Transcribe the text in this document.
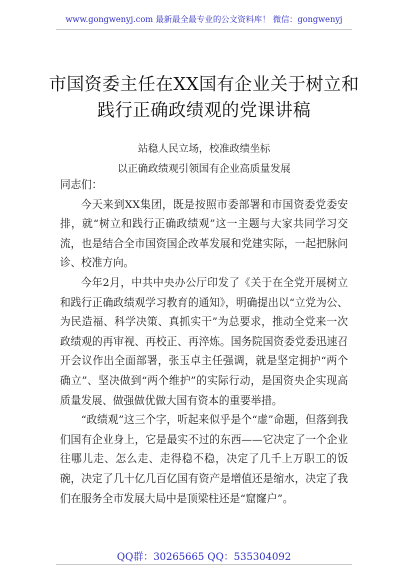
www.gongwenyj.com 最新最全最专业的公文资料库！ 微信：gongwenyj
市国资委主任在XX国有企业关于树立和践行正确政绩观的党课讲稿
站稳人民立场，校准政绩坐标
以正确政绩观引领国有企业高质量发展

同志们：

今天来到XX集团，既是按照市委部署和市国资委党委安排，就“树立和践行正确政绩观”这一主题与大家共同学习交流，也是结合全市国资国企改革发展和党建实际，一起把脉问诊、校准方向。

今年2月，中共中央办公厅印发了《关于在全党开展树立和践行正确政绩观学习教育的通知》，明确提出以“立党为公、为民造福、科学决策、真抓实干”为总要求，推动全党来一次政绩观的再审视、再校正、再淬炼。国务院国资委党委迅速召开会议作出全面部署，张玉卓主任强调，就是坚定拥护“两个确立”、坚决做到“两个维护”的实际行动，是国资央企实现高质量发展、做强做优做大国有资本的重要举措。

“政绩观”这三个字，听起来似乎是个“虚”命题，但落到我们国有企业身上，它是最实不过的东西——它决定了一个企业往哪儿走、怎么走、走得稳不稳，决定了几千上万职工的饭碗，决定了几十亿几百亿国有资产是增值还是缩水，决定了我们在服务全市发展大局中是顶梁柱还是“窟窿户”。

QQ群：30265665 QQ：535304092
